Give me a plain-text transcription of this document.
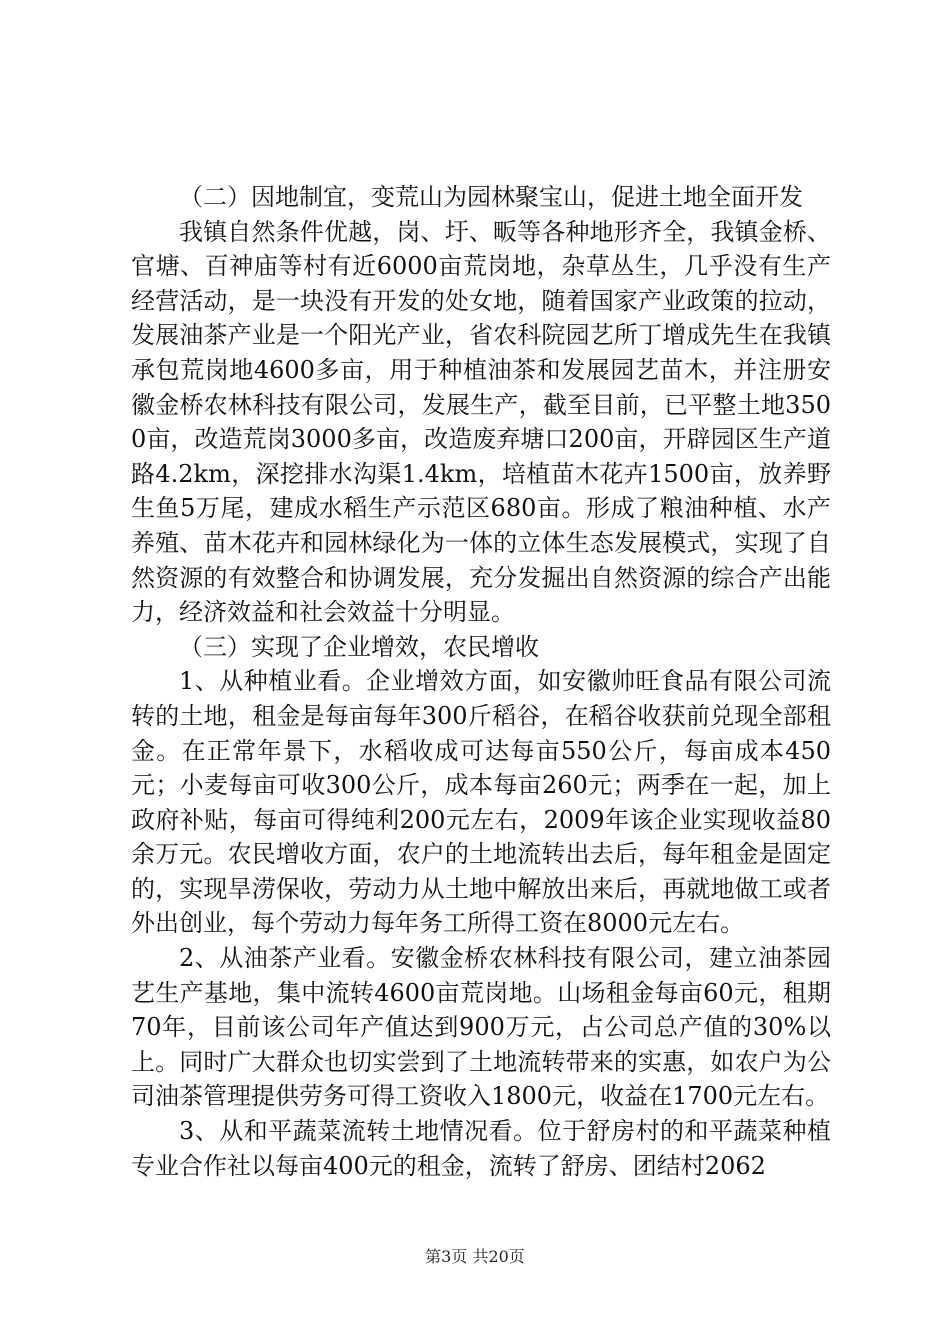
（二）因地制宜，变荒山为园林聚宝山，促进土地全面开发

我镇自然条件优越，岗、圩、畈等各种地形齐全，我镇金桥、官塘、百神庙等村有近6000亩荒岗地，杂草丛生，几乎没有生产经营活动，是一块没有开发的处女地，随着国家产业政策的拉动，发展油茶产业是一个阳光产业，省农科院园艺所丁增成先生在我镇承包荒岗地4600多亩，用于种植油茶和发展园艺苗木，并注册安徽金桥农林科技有限公司，发展生产，截至目前，已平整土地3500亩，改造荒岗3000多亩，改造废弃塘口200亩，开辟园区生产道路4.2km，深挖排水沟渠1.4km，培植苗木花卉1500亩，放养野生鱼5万尾，建成水稻生产示范区680亩。形成了粮油种植、水产养殖、苗木花卉和园林绿化为一体的立体生态发展模式，实现了自然资源的有效整合和协调发展，充分发掘出自然资源的综合产出能力，经济效益和社会效益十分明显。

（三）实现了企业增效，农民增收

1、从种植业看。企业增效方面，如安徽帅旺食品有限公司流转的土地，租金是每亩每年300斤稻谷，在稻谷收获前兑现全部租金。在正常年景下，水稻收成可达每亩550公斤，每亩成本450元；小麦每亩可收300公斤，成本每亩260元；两季在一起，加上政府补贴，每亩可得纯利200元左右，2009年该企业实现收益80余万元。农民增收方面，农户的土地流转出去后，每年租金是固定的，实现旱涝保收，劳动力从土地中解放出来后，再就地做工或者外出创业，每个劳动力每年务工所得工资在8000元左右。

2、从油茶产业看。安徽金桥农林科技有限公司，建立油茶园艺生产基地，集中流转4600亩荒岗地。山场租金每亩60元，租期70年，目前该公司年产值达到900万元，占公司总产值的30%以上。同时广大群众也切实尝到了土地流转带来的实惠，如农户为公司油茶管理提供劳务可得工资收入1800元，收益在1700元左右。

3、从和平蔬菜流转土地情况看。位于舒房村的和平蔬菜种植专业合作社以每亩400元的租金，流转了舒房、团结村2062

第3页 共20页
